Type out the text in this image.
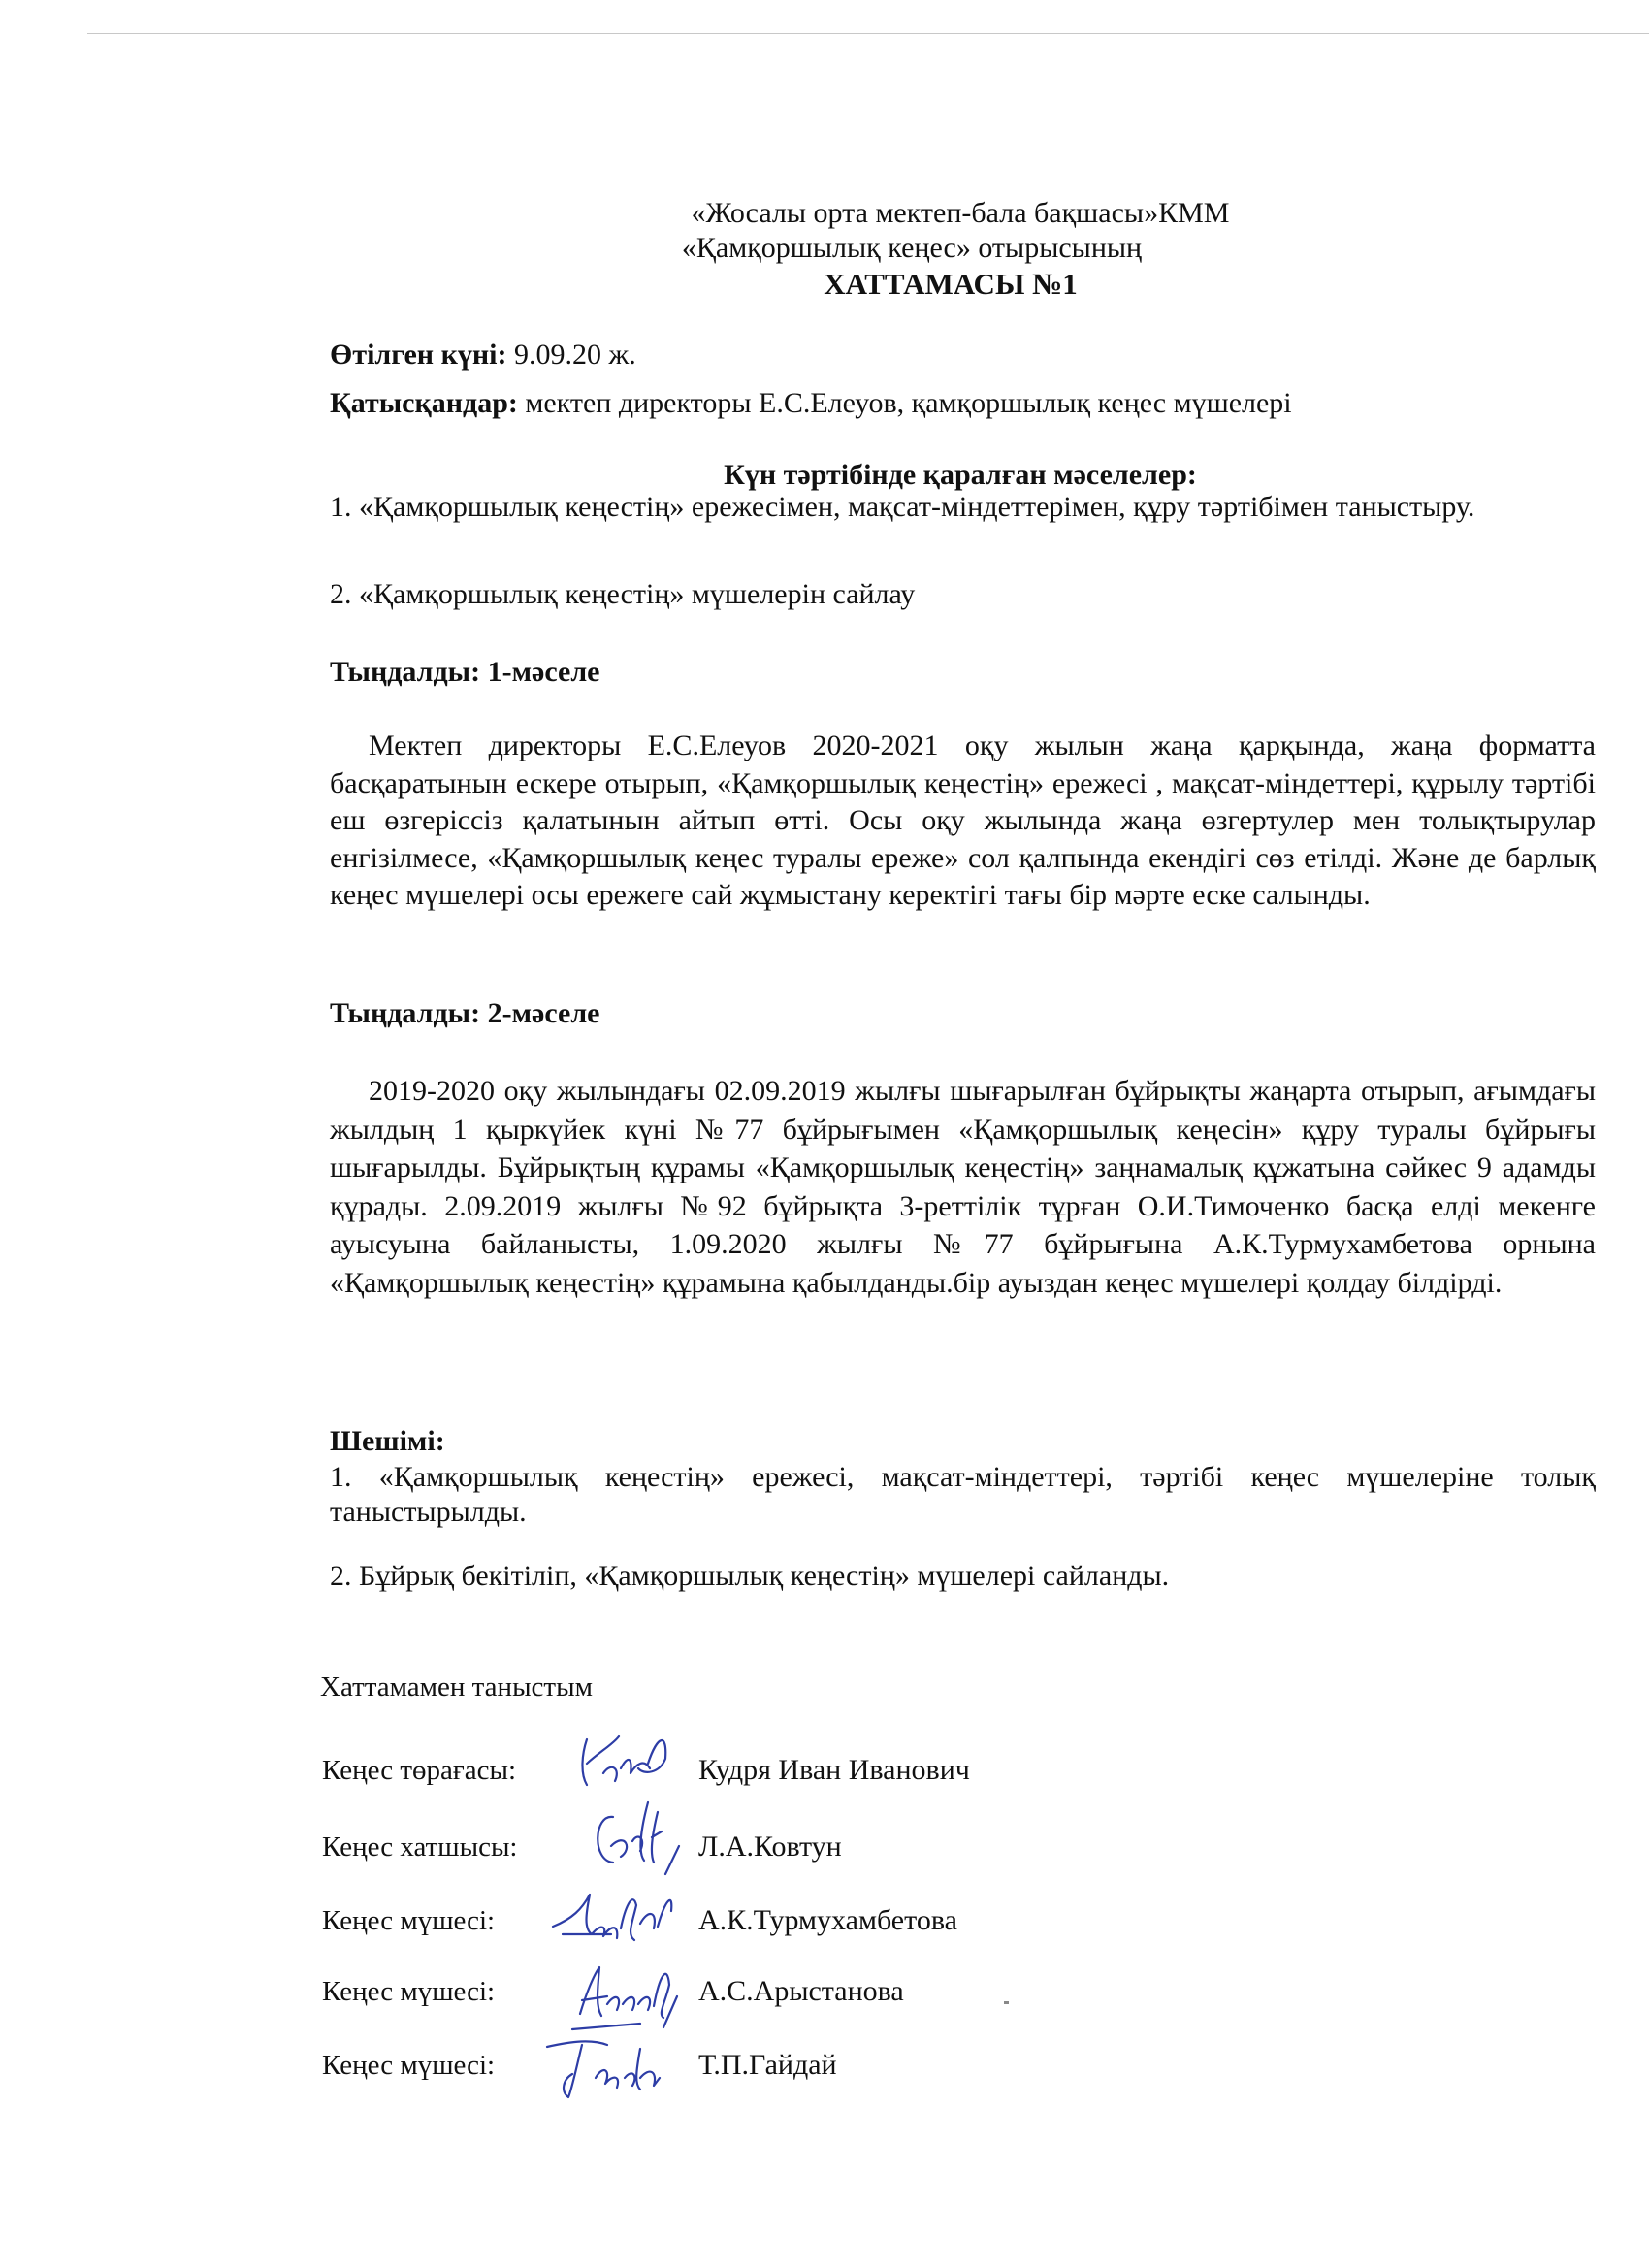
«Жосалы орта мектеп-бала бақшасы»КММ
«Қамқоршылық кеңес» отырысының
ХАТТАМАСЫ №1
Өтілген күні: 9.09.20 ж.
Қатысқандар: мектеп директоры Е.С.Елеуов, қамқоршылық кеңес мүшелері
Күн тәртібінде қаралған мәселелер:
1. «Қамқоршылық кеңестің» ережесімен, мақсат-міндеттерімен, құру тәртібімен таныстыру.
2. «Қамқоршылық кеңестің» мүшелерін сайлау
Тыңдалды: 1-мәселе
Мектеп директоры Е.С.Елеуов 2020-2021 оқу жылын жаңа қарқында, жаңа форматта басқаратынын ескере отырып, «Қамқоршылық кеңестің» ережесі , мақсат-міндеттері, құрылу тәртібі еш өзгеріссіз қалатынын айтып өтті. Осы оқу жылында жаңа өзгертулер мен толықтырулар енгізілмесе, «Қамқоршылық кеңес туралы ереже» сол қалпында екендігі сөз етілді. Және де барлық кеңес мүшелері осы ережеге сай жұмыстану керектігі тағы бір мәрте еске салынды.
Тыңдалды: 2-мәселе
2019-2020 оқу жылындағы 02.09.2019 жылғы шығарылған бұйрықты жаңарта отырып, ағымдағы жылдың 1 қыркүйек күні №77 бұйрығымен «Қамқоршылық кеңесін» құру туралы бұйрығы шығарылды. Бұйрықтың құрамы «Қамқоршылық кеңестің» заңнамалық құжатына сәйкес 9 адамды құрады. 2.09.2019 жылғы №92 бұйрықта 3-реттілік тұрған О.И.Тимоченко басқа елді мекенге ауысуына байланысты, 1.09.2020 жылғы №77 бұйрығына А.К.Турмухамбетова орнына «Қамқоршылық кеңестің» құрамына қабылданды.бір ауыздан кеңес мүшелері қолдау білдірді.
Шешімі:
1. «Қамқоршылық кеңестің» ережесі, мақсат-міндеттері, тәртібі кеңес мүшелеріне толық таныстырылды.
2. Бұйрық бекітіліп, «Қамқоршылық кеңестің» мүшелері сайланды.
Хаттамамен таныстым
Кеңес төрағасы:	Кудря Иван Иванович
Кеңес хатшысы:	Л.А.Ковтун
Кеңес мүшесі:	А.К.Турмухамбетова
Кеңес мүшесі:	А.С.Арыстанова
Кеңес мүшесі:	Т.П.Гайдай
